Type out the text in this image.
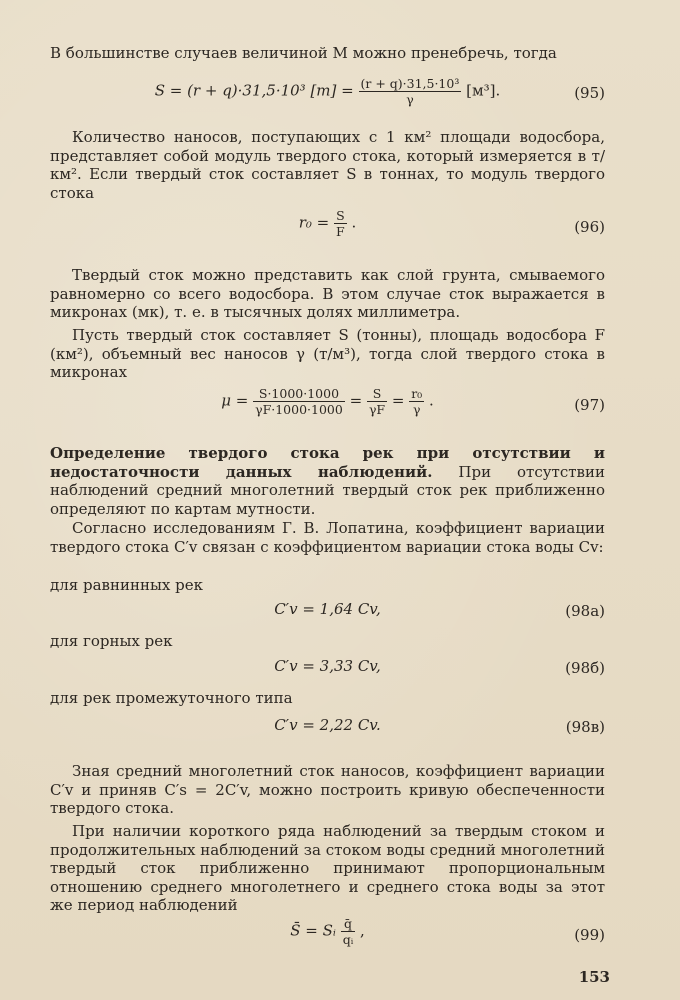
В большинстве случаев величиной M можно пренебречь, тогда

S = (r + q)·31,5·10³ $[т] = \frac{\text{(r + q)·31,5·10³}}{\gamma} [м^3]$.	(95)

Количество наносов, поступающих с 1 км² площади водосбора, представляет собой модуль твердого стока, который измеряется в т/км². Если твердый сток составляет S в тоннах, то модуль твердого стока

$r_0 = \frac{S}{F}$ .	(96)

Твердый сток можно представить как слой грунта, смываемого равномерно со всего водосбора. В этом случае сток выражается в микронах (мк), т. е. в тысячных долях миллиметра.

Пусть твердый сток составляет S (тонны), площадь водосбора F (км²), объемный вес наносов γ (т/м³), тогда слой твердого стока в микронах

$\mu = \frac{S\cdot 1000\cdot 1000}{\gamma F\cdot 1000\cdot 1000} = \frac{S}{\gamma F} = \frac{\text{r₀}}{\gamma}$ .	(97)

Определение твердого стока рек при отсутствии и недостаточности данных наблюдений. При отсутствии наблюдений средний многолетний твердый сток рек приближенно определяют по картам мутности.

Согласно исследованиям Г. В. Лопатина, коэффициент вариации твердого стока C′v связан с коэффициентом вариации стока воды Cv:

для равнинных рек

C′v = 1,64 Cv,	(98а)

для горных рек

C′v = 3,33 Cv,	(98б)

для рек промежуточного типа

C′v = 2,22 Cv.	(98в)

Зная средний многолетний сток наносов, коэффициент вариации C′v и приняв C′s = 2C′v, можно построить кривую обеспеченности твердого стока.

При наличии короткого ряда наблюдений за твердым стоком и продолжительных наблюдений за стоком воды средний многолетний твердый сток приближенно принимают пропорциональным отношению среднего многолетнего и среднего стока воды за этот же период наблюдений

S̄ = Sᵢ $\frac{q̄}{\text{qᵢ}}$ ,	(99)
153
